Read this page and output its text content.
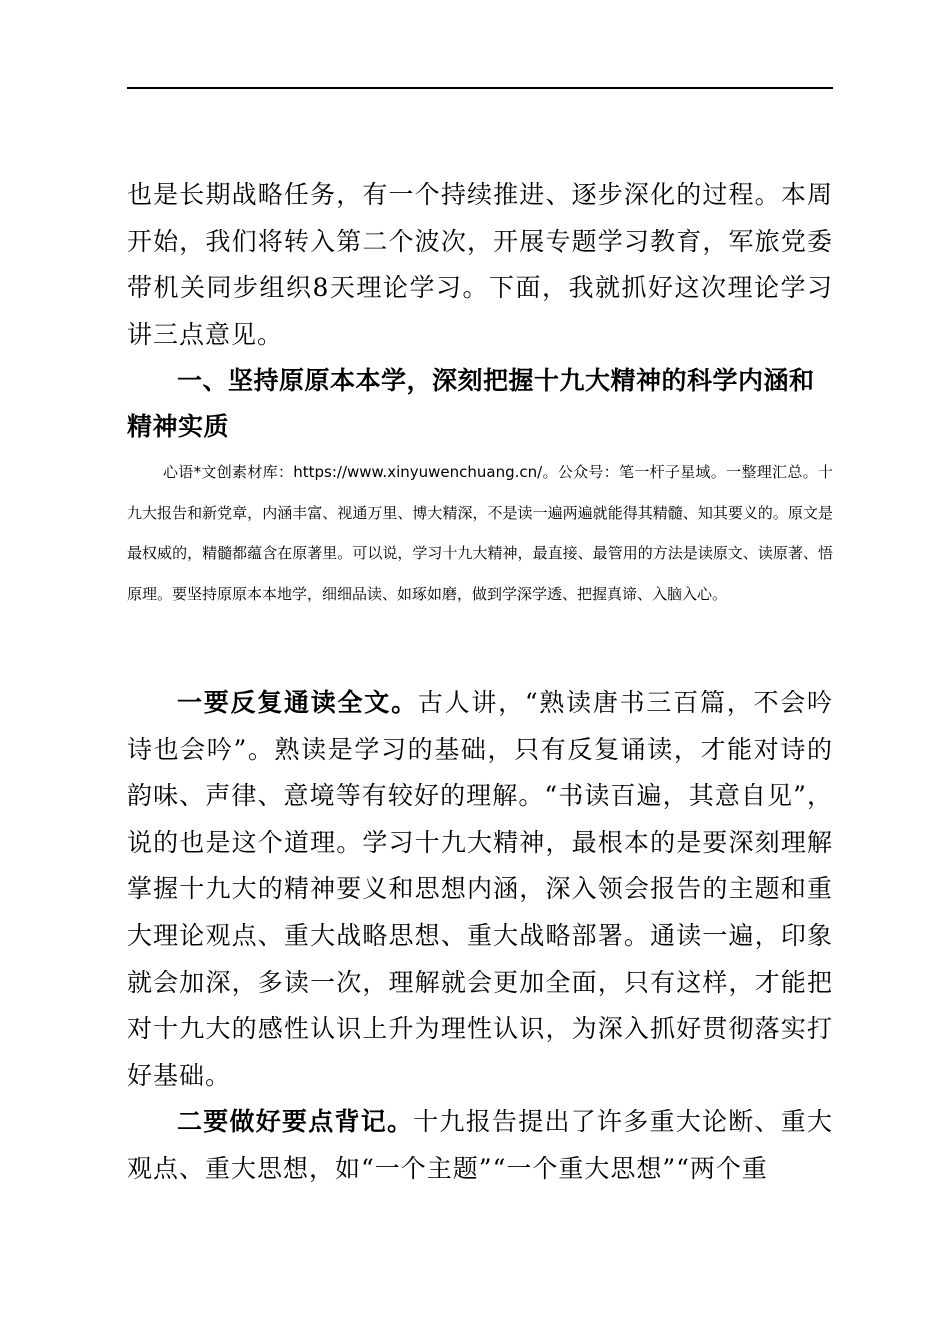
也是长期战略任务，有一个持续推进、逐步深化的过程。本周开始，我们将转入第二个波次，开展专题学习教育，军旅党委带机关同步组织8天理论学习。下面，我就抓好这次理论学习讲三点意见。

一、坚持原原本本学，深刻把握十九大精神的科学内涵和精神实质

心语*文创素材库：https://www.xinyuwenchuang.cn/。公众号：笔一杆子星域。一整理汇总。十九大报告和新党章，内涵丰富、视通万里、博大精深，不是读一遍两遍就能得其精髓、知其要义的。原文是最权威的，精髓都蕴含在原著里。可以说，学习十九大精神，最直接、最管用的方法是读原文、读原著、悟原理。要坚持原原本本地学，细细品读、如琢如磨，做到学深学透、把握真谛、入脑入心。

一要反复通读全文。古人讲，“熟读唐书三百篇，不会吟诗也会吟”。熟读是学习的基础，只有反复诵读，才能对诗的韵味、声律、意境等有较好的理解。“书读百遍，其意自见”，说的也是这个道理。学习十九大精神，最根本的是要深刻理解掌握十九大的精神要义和思想内涵，深入领会报告的主题和重大理论观点、重大战略思想、重大战略部署。通读一遍，印象就会加深，多读一次，理解就会更加全面，只有这样，才能把对十九大的感性认识上升为理性认识，为深入抓好贯彻落实打好基础。

二要做好要点背记。十九报告提出了许多重大论断、重大观点、重大思想，如“一个主题”“一个重大思想”“两个重
